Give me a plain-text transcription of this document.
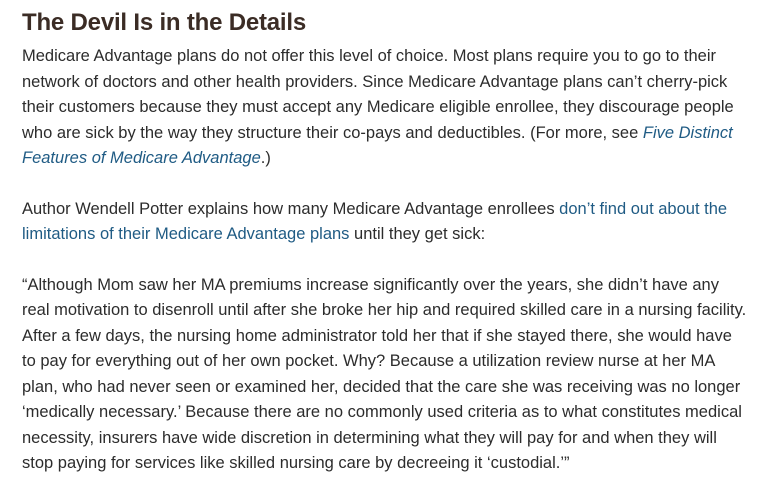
The Devil Is in the Details

Medicare Advantage plans do not offer this level of choice. Most plans require you to go to their network of doctors and other health providers. Since Medicare Advantage plans can’t cherry-pick their customers because they must accept any Medicare eligible enrollee, they discourage people who are sick by the way they structure their co-pays and deductibles. (For more, see Five Distinct Features of Medicare Advantage.)

Author Wendell Potter explains how many Medicare Advantage enrollees don’t find out about the limitations of their Medicare Advantage plans until they get sick:

“Although Mom saw her MA premiums increase significantly over the years, she didn’t have any real motivation to disenroll until after she broke her hip and required skilled care in a nursing facility. After a few days, the nursing home administrator told her that if she stayed there, she would have to pay for everything out of her own pocket. Why? Because a utilization review nurse at her MA plan, who had never seen or examined her, decided that the care she was receiving was no longer ‘medically necessary.’ Because there are no commonly used criteria as to what constitutes medical necessity, insurers have wide discretion in determining what they will pay for and when they will stop paying for services like skilled nursing care by decreeing it ‘custodial.’”
